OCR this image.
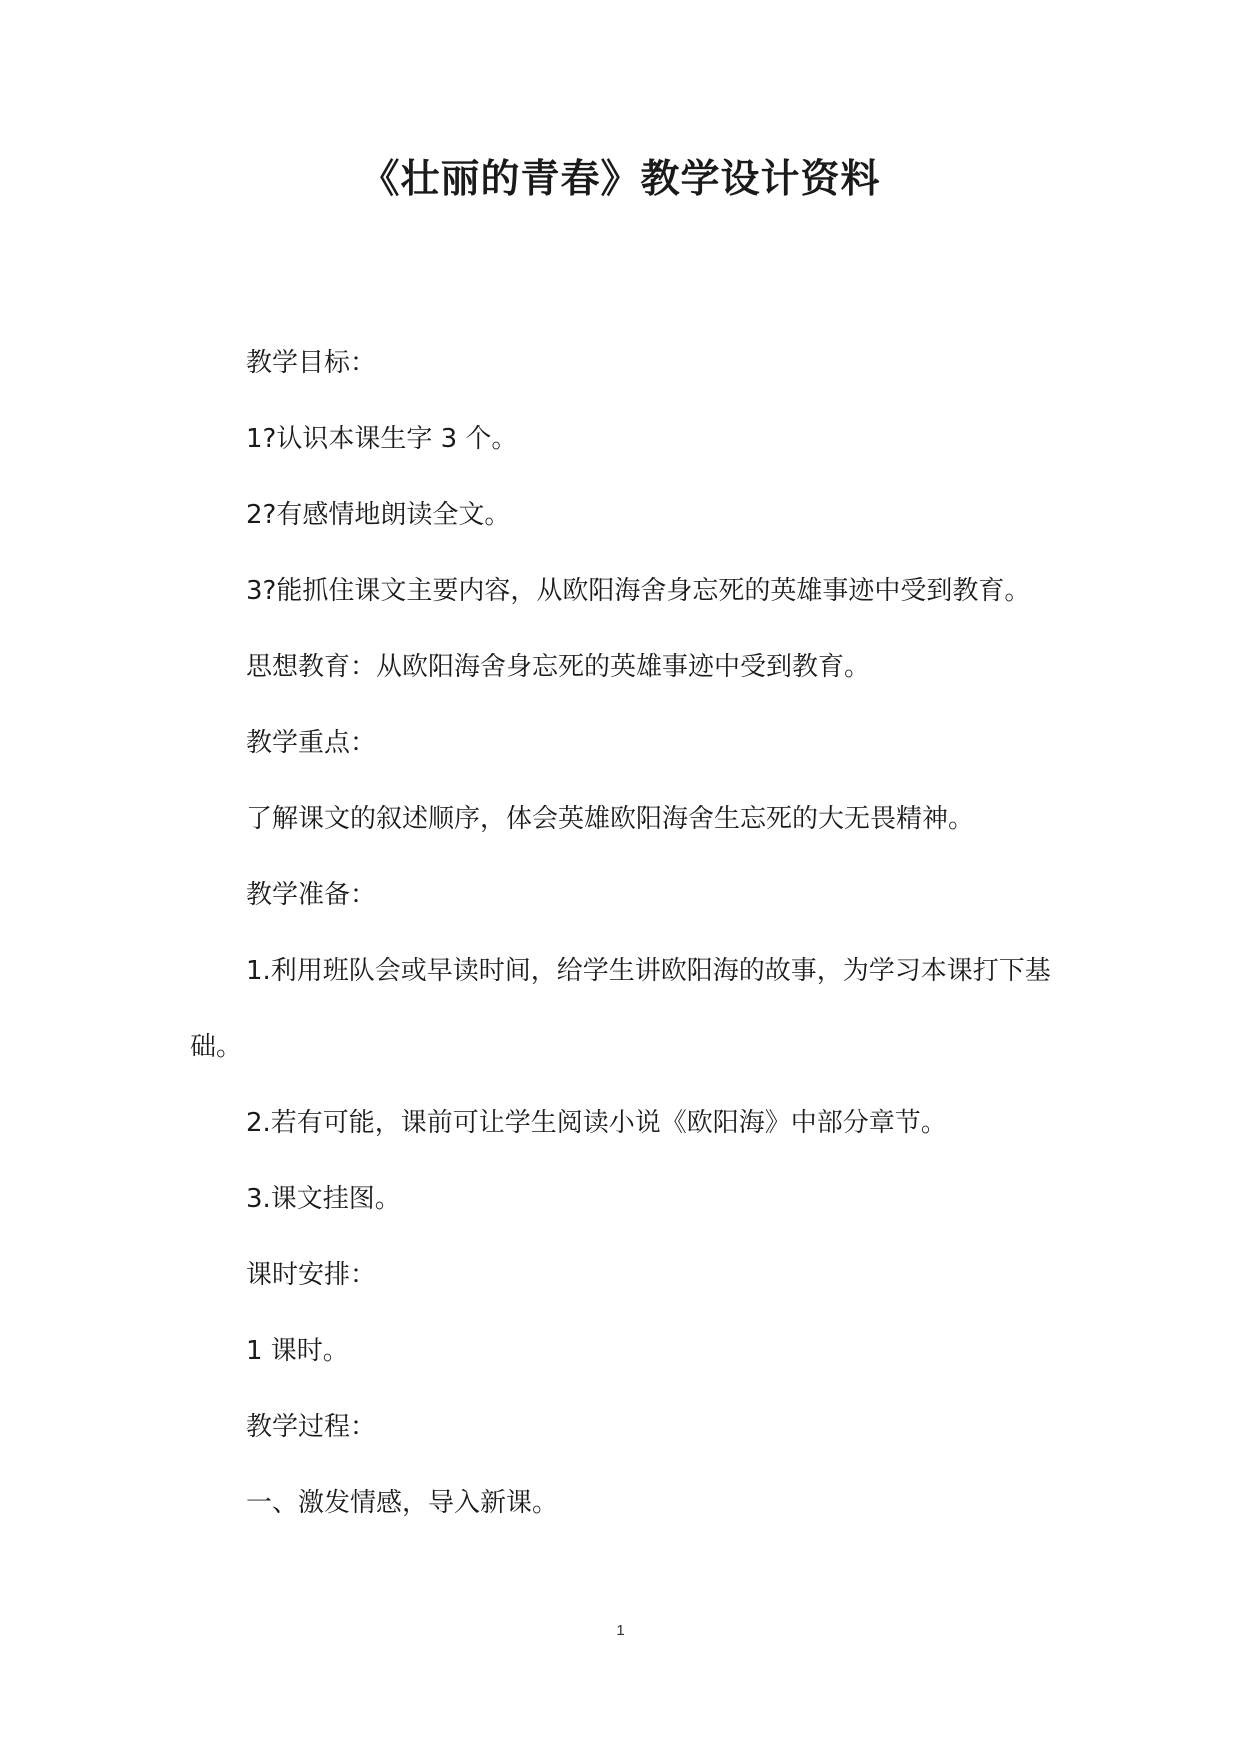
《壮丽的青春》教学设计资料

教学目标：

1?认识本课生字 3 个。

2?有感情地朗读全文。

3?能抓住课文主要内容，从欧阳海舍身忘死的英雄事迹中受到教育。

思想教育：从欧阳海舍身忘死的英雄事迹中受到教育。

教学重点：

了解课文的叙述顺序，体会英雄欧阳海舍生忘死的大无畏精神。

教学准备：

1.利用班队会或早读时间，给学生讲欧阳海的故事，为学习本课打下基础。

2.若有可能，课前可让学生阅读小说《欧阳海》中部分章节。

3.课文挂图。

课时安排：

1 课时。

教学过程：

一、激发情感，导入新课。

1
